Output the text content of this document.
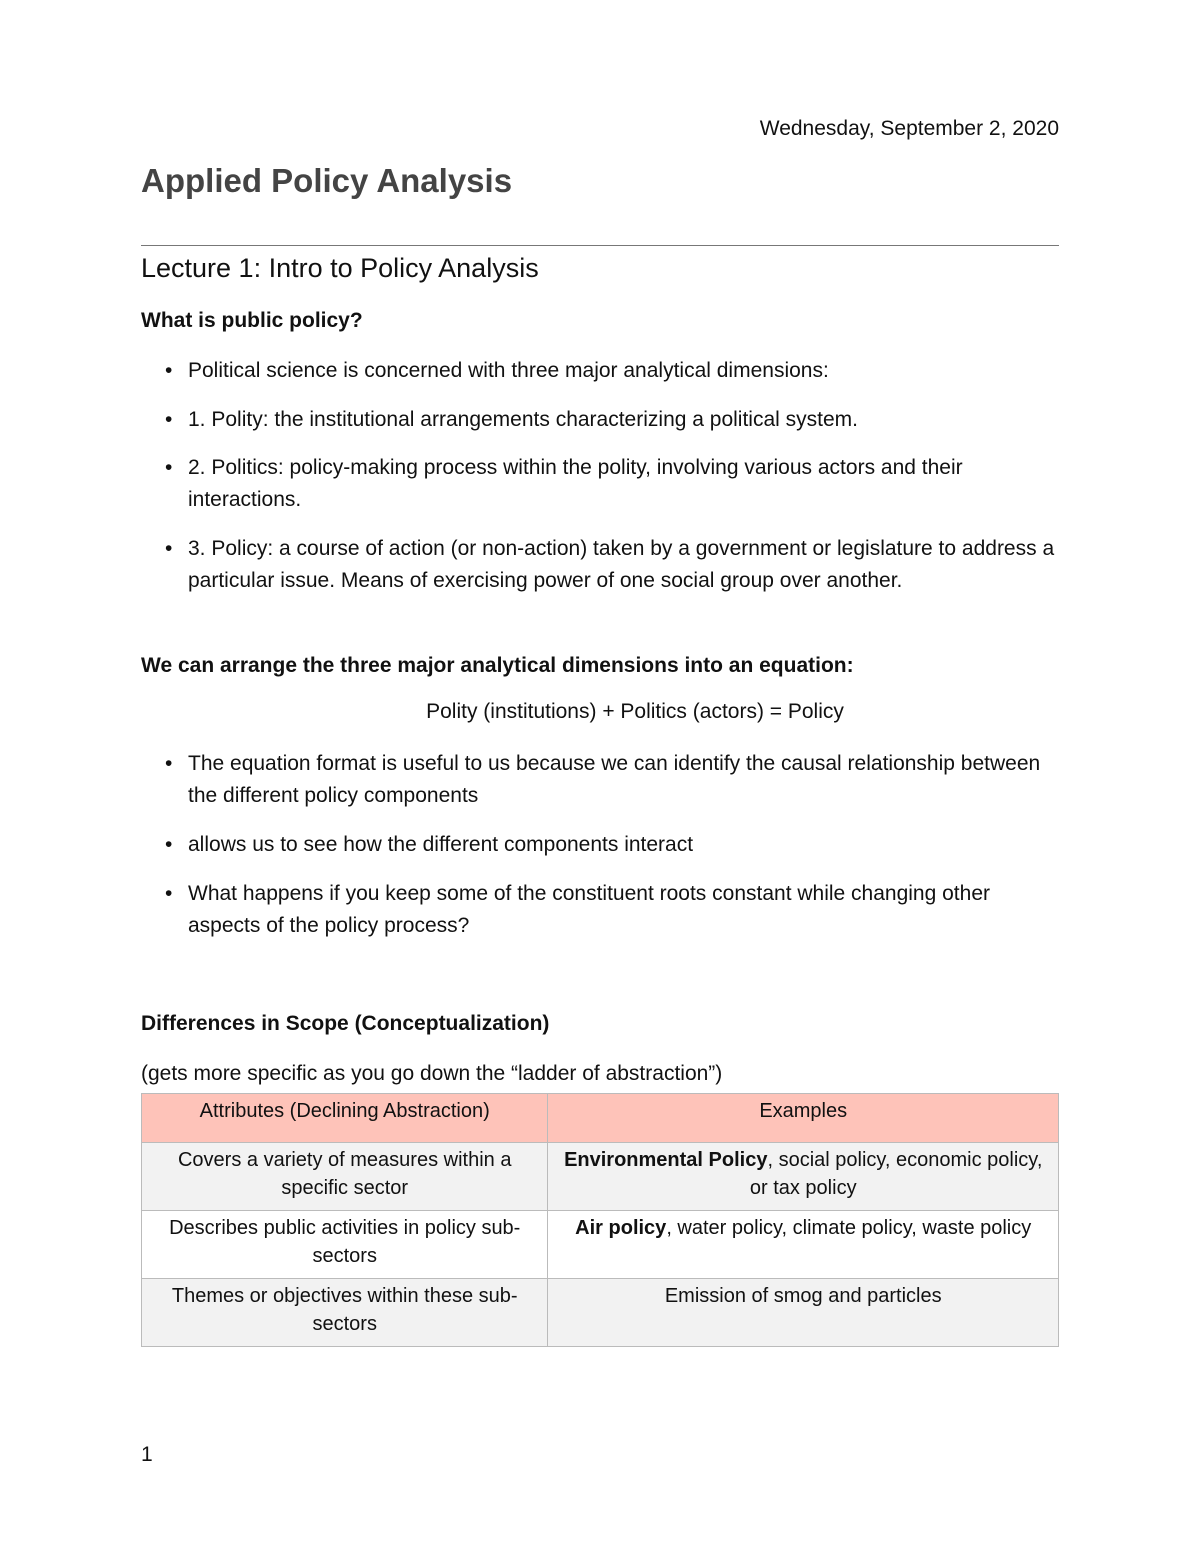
Wednesday, September 2, 2020
Applied Policy Analysis
Lecture 1: Intro to Policy Analysis
What is public policy?
• Political science is concerned with three major analytical dimensions:
• 1. Polity: the institutional arrangements characterizing a political system.
• 2. Politics: policy-making process within the polity, involving various actors and their interactions.
• 3. Policy: a course of action (or non-action) taken by a government or legislature to address a particular issue. Means of exercising power of one social group over another.
We can arrange the three major analytical dimensions into an equation:
Polity (institutions) + Politics (actors) = Policy
• The equation format is useful to us because we can identify the causal relationship between the different policy components
• allows us to see how the different components interact
• What happens if you keep some of the constituent roots constant while changing other aspects of the policy process?
Differences in Scope (Conceptualization)
(gets more specific as you go down the “ladder of abstraction”)
Attributes (Declining Abstraction)	Examples
Covers a variety of measures within a specific sector	Environmental Policy, social policy, economic policy, or tax policy
Describes public activities in policy sub-sectors	Air policy, water policy, climate policy, waste policy
Themes or objectives within these sub-sectors	Emission of smog and particles
1
